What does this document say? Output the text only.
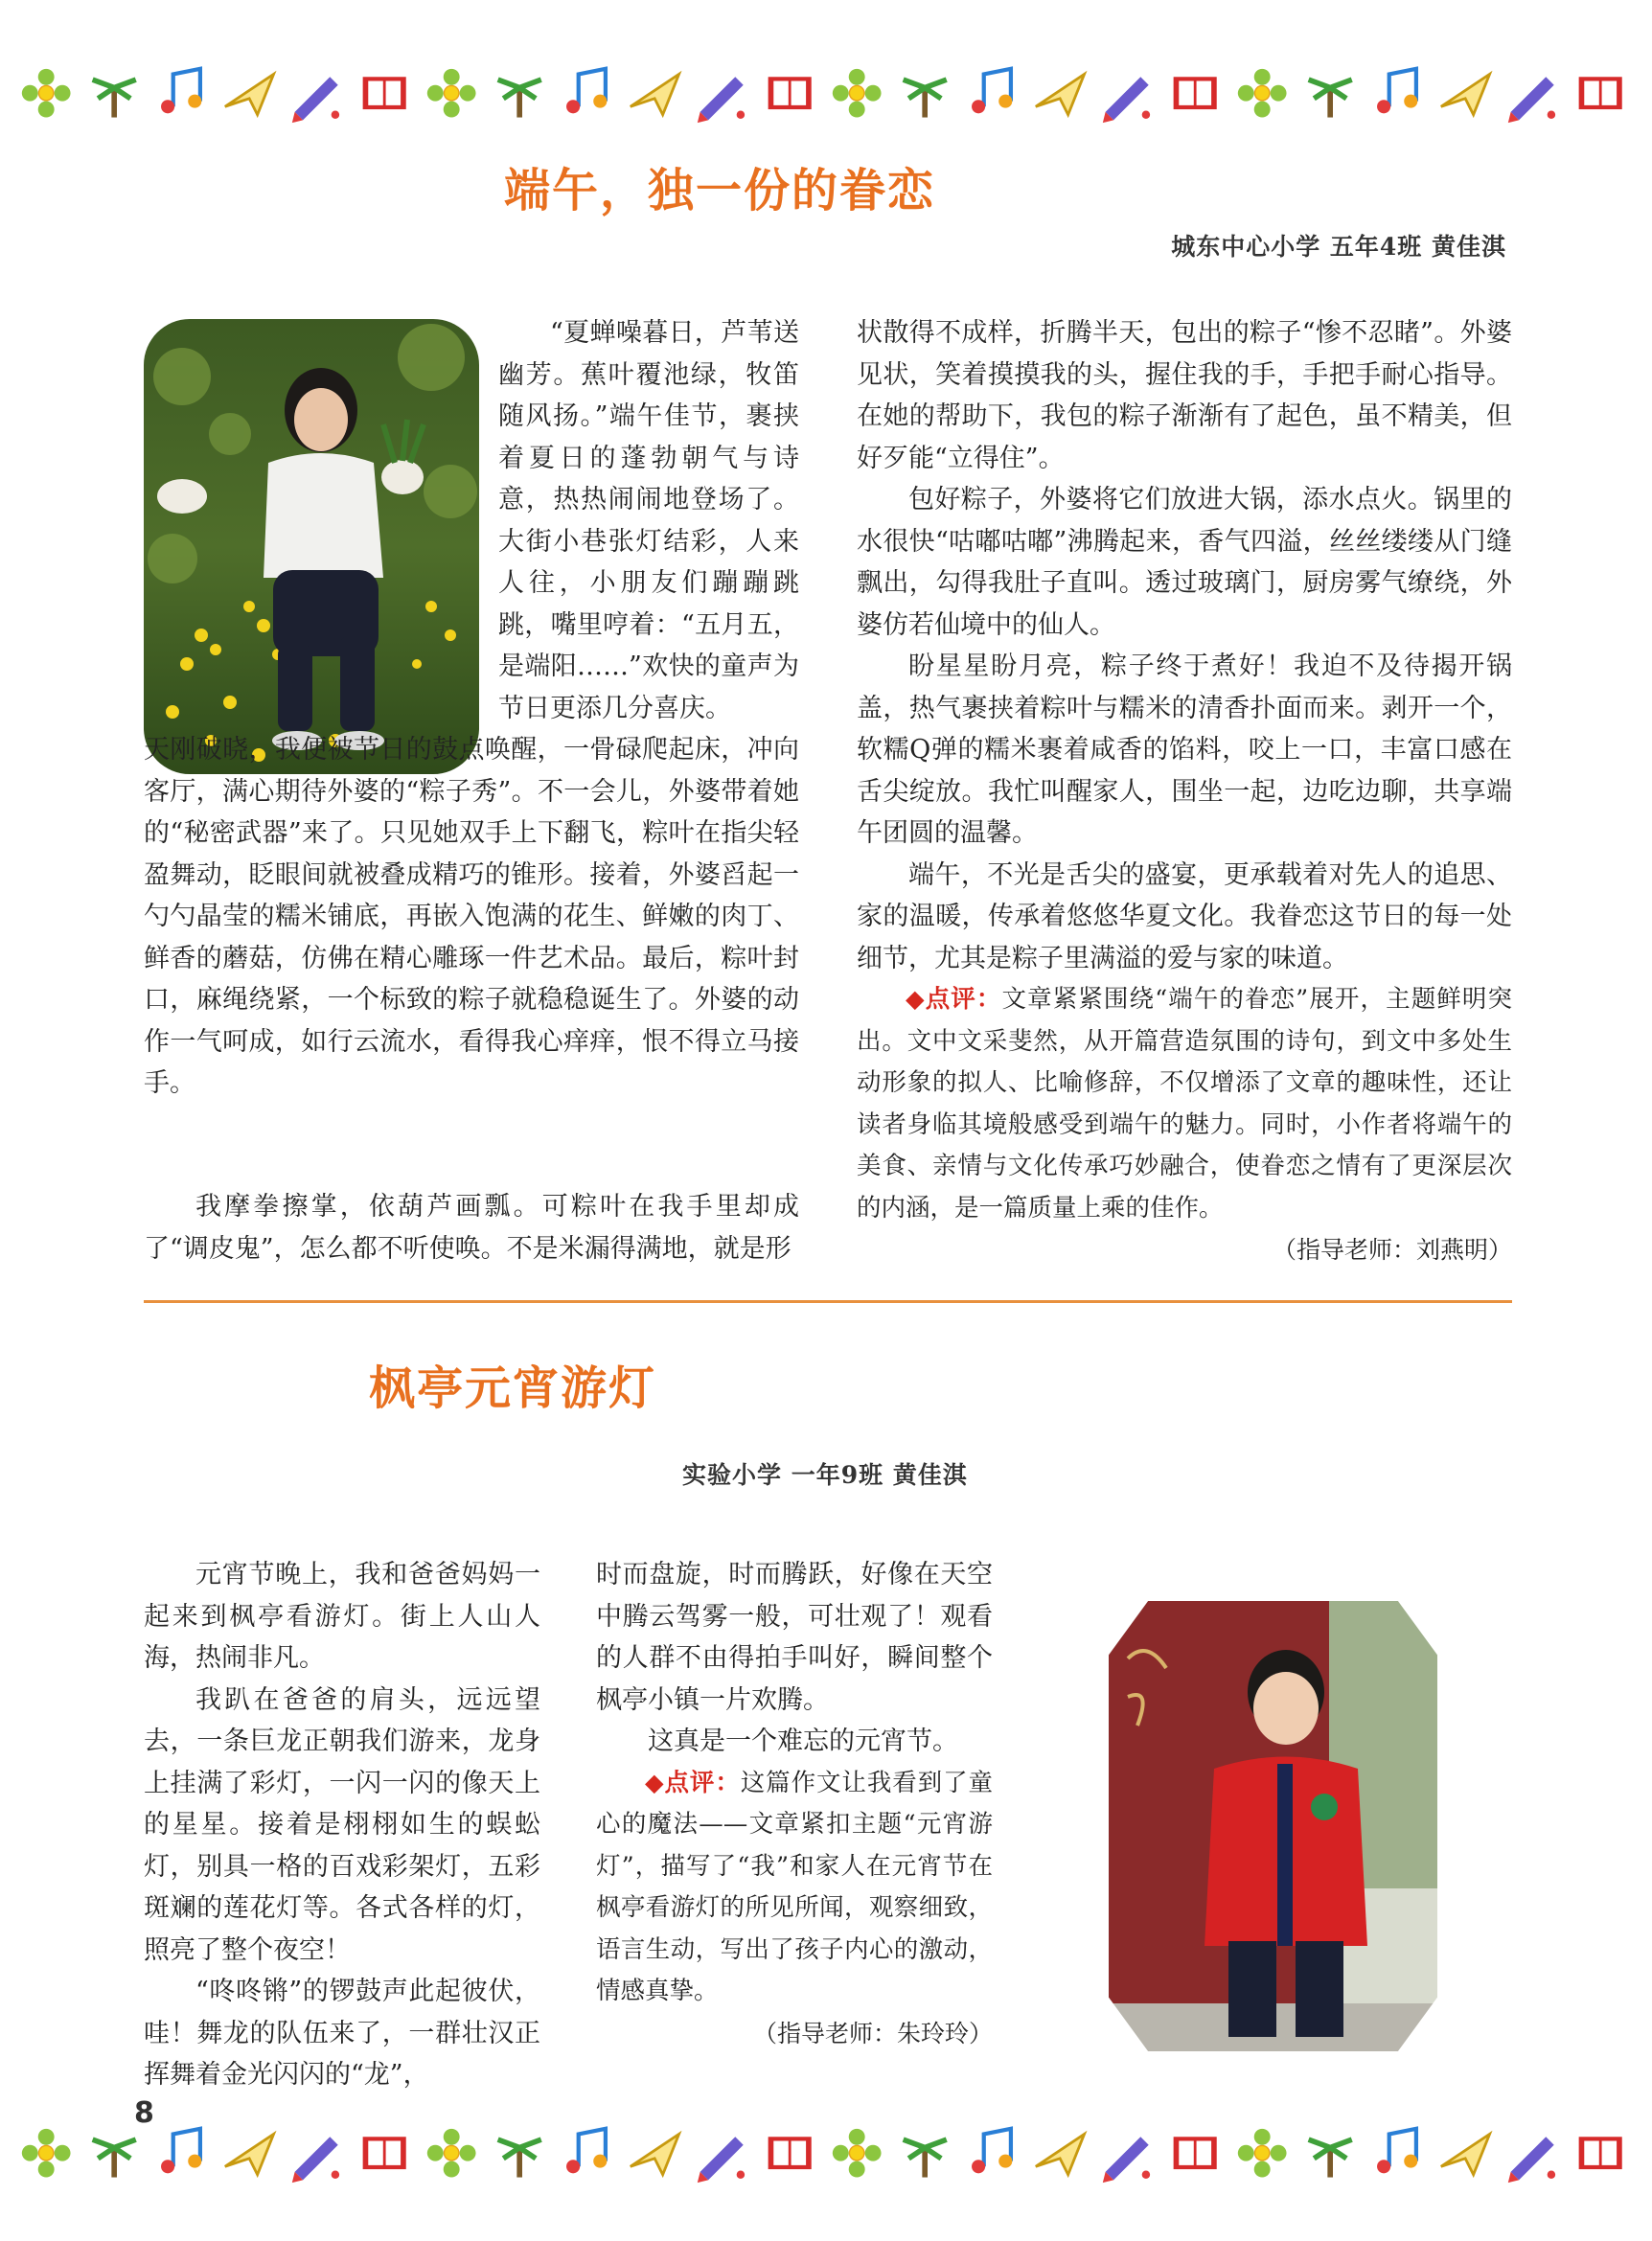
端午，独一份的眷恋
城东中心小学 五年4班 黄佳淇

“夏蝉噪暮日，芦苇送幽芳。蕉叶覆池绿，牧笛随风扬。”端午佳节，裹挟着夏日的蓬勃朝气与诗意，热热闹闹地登场了。大街小巷张灯结彩，人来人往，小朋友们蹦蹦跳跳，嘴里哼着：“五月五，是端阳……”欢快的童声为节日更添几分喜庆。

天刚破晓，我便被节日的鼓点唤醒，一骨碌爬起床，冲向客厅，满心期待外婆的“粽子秀”。不一会儿，外婆带着她的“秘密武器”来了。只见她双手上下翻飞，粽叶在指尖轻盈舞动，眨眼间就被叠成精巧的锥形。接着，外婆舀起一勺勺晶莹的糯米铺底，再嵌入饱满的花生、鲜嫩的肉丁、鲜香的蘑菇，仿佛在精心雕琢一件艺术品。最后，粽叶封口，麻绳绕紧，一个标致的粽子就稳稳诞生了。外婆的动作一气呵成，如行云流水，看得我心痒痒，恨不得立马接手。

我摩拳擦掌，依葫芦画瓢。可粽叶在我手里却成了“调皮鬼”，怎么都不听使唤。不是米漏得满地，就是形

状散得不成样，折腾半天，包出的粽子“惨不忍睹”。外婆见状，笑着摸摸我的头，握住我的手，手把手耐心指导。在她的帮助下，我包的粽子渐渐有了起色，虽不精美，但好歹能“立得住”。

包好粽子，外婆将它们放进大锅，添水点火。锅里的水很快“咕嘟咕嘟”沸腾起来，香气四溢，丝丝缕缕从门缝飘出，勾得我肚子直叫。透过玻璃门，厨房雾气缭绕，外婆仿若仙境中的仙人。

盼星星盼月亮，粽子终于煮好！我迫不及待揭开锅盖，热气裹挟着粽叶与糯米的清香扑面而来。剥开一个，软糯Q弹的糯米裹着咸香的馅料，咬上一口，丰富口感在舌尖绽放。我忙叫醒家人，围坐一起，边吃边聊，共享端午团圆的温馨。

端午，不光是舌尖的盛宴，更承载着对先人的追思、家的温暖，传承着悠悠华夏文化。我眷恋这节日的每一处细节，尤其是粽子里满溢的爱与家的味道。

◆点评：文章紧紧围绕“端午的眷恋”展开，主题鲜明突出。文中文采斐然，从开篇营造氛围的诗句，到文中多处生动形象的拟人、比喻修辞，不仅增添了文章的趣味性，还让读者身临其境般感受到端午的魅力。同时，小作者将端午的美食、亲情与文化传承巧妙融合，使眷恋之情有了更深层次的内涵，是一篇质量上乘的佳作。

（指导老师：刘燕明）
枫亭元宵游灯
实验小学 一年9班 黄佳淇

元宵节晚上，我和爸爸妈妈一起来到枫亭看游灯。街上人山人海，热闹非凡。

我趴在爸爸的肩头，远远望去，一条巨龙正朝我们游来，龙身上挂满了彩灯，一闪一闪的像天上的星星。接着是栩栩如生的蜈蚣灯，别具一格的百戏彩架灯，五彩斑斓的莲花灯等。各式各样的灯，照亮了整个夜空！

“咚咚锵”的锣鼓声此起彼伏，哇！舞龙的队伍来了，一群壮汉正挥舞着金光闪闪的“龙”，

时而盘旋，时而腾跃，好像在天空中腾云驾雾一般，可壮观了！观看的人群不由得拍手叫好，瞬间整个枫亭小镇一片欢腾。

这真是一个难忘的元宵节。

◆点评：这篇作文让我看到了童心的魔法——文章紧扣主题“元宵游灯”，描写了“我”和家人在元宵节在枫亭看游灯的所见所闻，观察细致，语言生动，写出了孩子内心的激动，情感真挚。

（指导老师：朱玲玲）
8
